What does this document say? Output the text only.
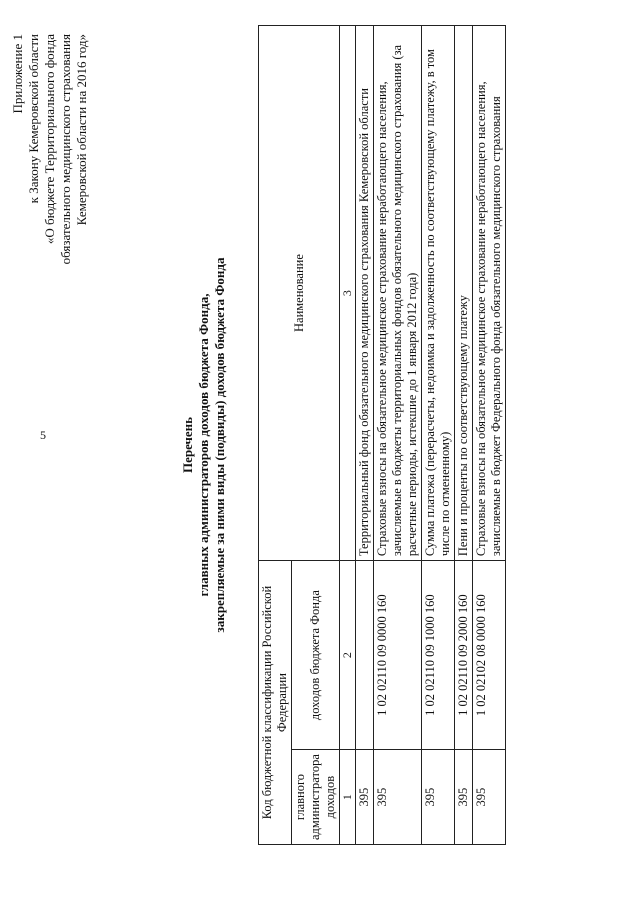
5
Приложение 1 к Закону Кемеровской области «О бюджете Территориального фонда обязательного медицинского страхования Кемеровской области на 2016 год»
Перечень главных администраторов доходов бюджета Фонда, закрепляемые за ними виды (подвиды) доходов бюджета Фонда
Код бюджетной классификации Российской Федерации		Наименование
главного администратора доходов	доходов бюджета Фонда	
1	2	3
395		Территориальный фонд обязательного медицинского страхования Кемеровской области
395	1 02 02110 09 0000 160	Страховые взносы на обязательное медицинское страхование неработающего населения, зачисляемые в бюджеты территориальных фондов обязательного медицинского страхования (за расчетные периоды, истекшие до 1 января 2012 года)
395	1 02 02110 09 1000 160	Сумма платежа (перерасчеты, недоимка и задолженность по соответствующему платежу, в том числе по отмененному)
395	1 02 02110 09 2000 160	Пени и проценты по соответствующему платежу
395	1 02 02102 08 0000 160	Страховые взносы на обязательное медицинское страхование неработающего населения, зачисляемые в бюджет Федерального фонда обязательного медицинского страхования
